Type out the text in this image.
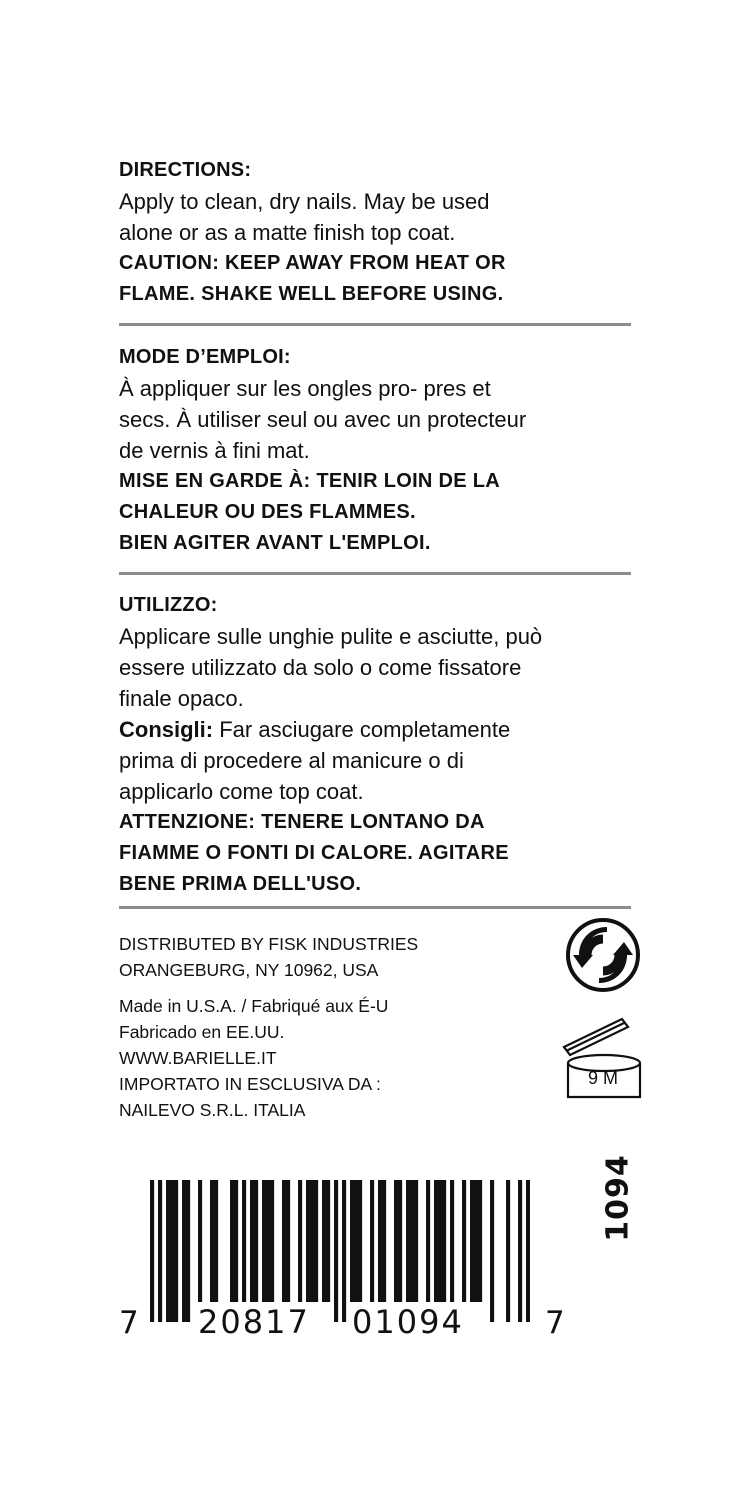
DIRECTIONS:
Apply to clean, dry nails. May be used
alone or as a matte finish top coat.
CAUTION: KEEP AWAY FROM HEAT OR
FLAME. SHAKE WELL BEFORE USING.
MODE D’EMPLOI:
À appliquer sur les ongles pro- pres et
secs. À utiliser seul ou avec un protecteur
de vernis à fini mat.
MISE EN GARDE À: TENIR LOIN DE LA
CHALEUR OU DES FLAMMES.
BIEN AGITER AVANT L'EMPLOI.
UTILIZZO:
Applicare sulle unghie pulite e asciutte, può
essere utilizzato da solo o come fissatore
finale opaco.
Consigli: Far asciugare completamente
prima di procedere al manicure o di
applicarlo come top coat.
ATTENZIONE: TENERE LONTANO DA
FIAMME O FONTI DI CALORE. AGITARE
BENE PRIMA DELL'USO.
DISTRIBUTED BY FISK INDUSTRIES
ORANGEBURG, NY 10962, USA
Made in U.S.A. / Fabriqué aux É-U
Fabricado en EE.UU.
WWW.BARIELLE.IT
IMPORTATO IN ESCLUSIVA DA :
NAILEVO S.R.L. ITALIA
9 M
1094
7 20817 01094	7
